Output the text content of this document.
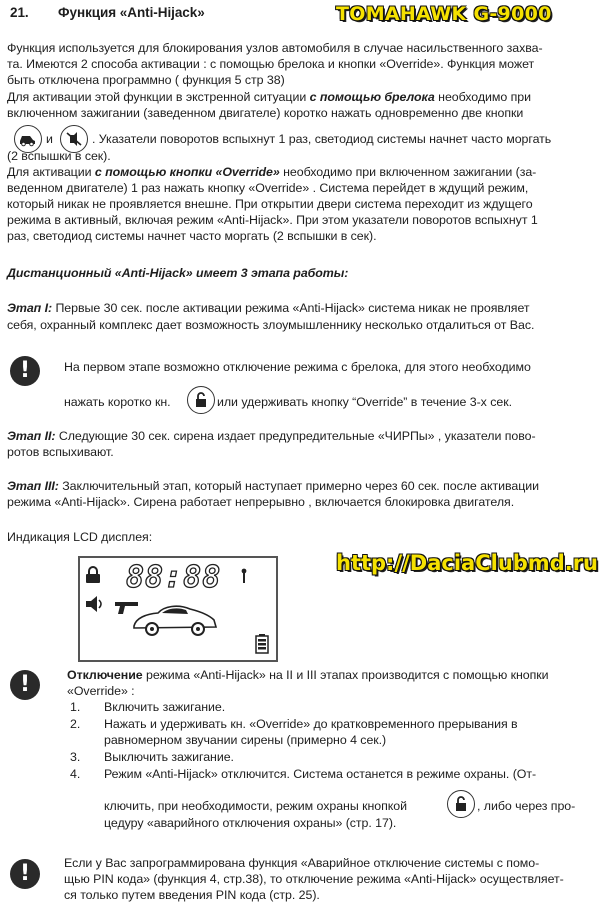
21. Функция «Anti-Hijack»	TOMAHAWK G-9000
Функция используется для блокирования узлов автомобиля в случае насильственного захва-
та. Имеются 2 способа активации : с помощью брелока и кнопки «Override». Функция может
быть отключена программно ( функция 5 стр 38)
Для активации этой функции в экстренной ситуации с помощью брелока необходимо при
включенном зажигании (заведенном двигателе) коротко нажать одновременно две кнопки
и	. Указатели поворотов вспыхнут 1 раз, светодиод системы начнет часто моргать
(2 вспышки в сек).
Для активации с помощью кнопки «Override» необходимо при включенном зажигании (за-
веденном двигателе) 1 раз нажать кнопку «Override» . Система перейдет в ждущий режим,
который никак не проявляется внешне. При открытии двери система переходит из ждущего
режима в активный, включая режим «Anti-Hijack». При этом указатели поворотов вспыхнут 1
раз, светодиод системы начнет часто моргать (2 вспышки в сек).
Дистанционный «Anti-Hijack» имеет 3 этапа работы:
Этап I: Первые 30 сек. после активации режима «Anti-Hijack» система никак не проявляет
себя, охранный комплекс дает возможность злоумышленнику несколько отдалиться от Вас.
!	На первом этапе возможно отключение режима с брелока, для этого необходимо
нажать коротко кн.	или удерживать кнопку “Override” в течение 3-х сек.
Этап II: Следующие 30 сек. сирена издает предупредительные «ЧИРПы» , указатели пово-
ротов вспыхивают.
Этап III: Заключительный этап, который наступает примерно через 60 сек. после активации
режима «Anti-Hijack». Сирена работает непрерывно , включается блокировка двигателя.
Индикация LCD дисплея:
http://DaciaClubmd.ru
88:88
!	Отключение режима «Anti-Hijack» на II и III этапах производится с помощью кнопки
«Override» :
1. Включить зажигание.
2. Нажать и удерживать кн. «Override» до кратковременного прерывания в
равномерном звучании сирены (примерно 4 сек.)
3. Выключить зажигание.
4. Режим «Anti-Hijack» отключится. Система останется в режиме охраны. (От-
ключить, при необходимости, режим охраны кнопкой	, либо через про-
цедуру «аварийного отключения охраны» (стр. 17).
!	Если у Вас запрограммирована функция «Аварийное отключение системы с помо-
щью PIN кода» (функция 4, стр.38), то отключение режима «Anti-Hijack» осуществляет-
ся только путем введения PIN кода (стр. 25).
